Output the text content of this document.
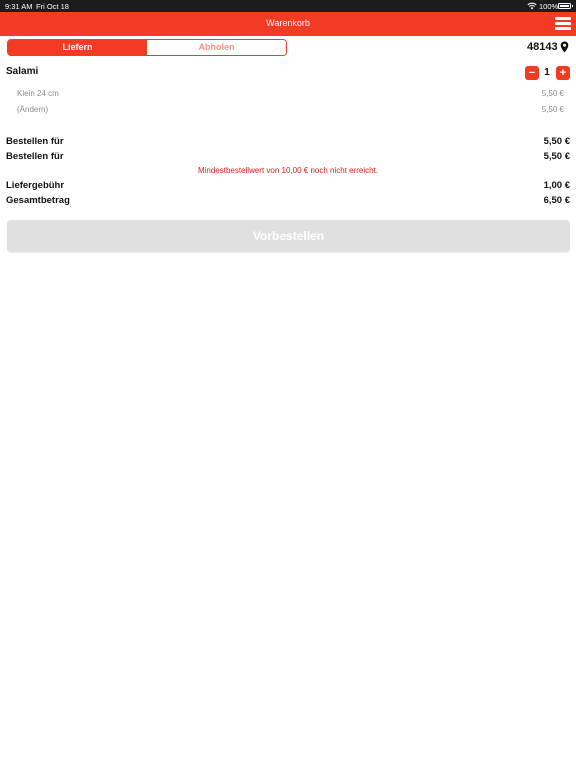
9:31 AM Fri Oct 18	100%
Warenkorb
Liefern	Abholen	48143
Salami	− 1 +
Klein 24 cm	5,50 €
(Ändern)	5,50 €
Bestellen für	5,50 €
Bestellen für	5,50 €
Mindestbestellwert von 10,00 € noch nicht erreicht.
Liefergebühr	1,00 €
Gesamtbetrag	6,50 €
Vorbestellen
